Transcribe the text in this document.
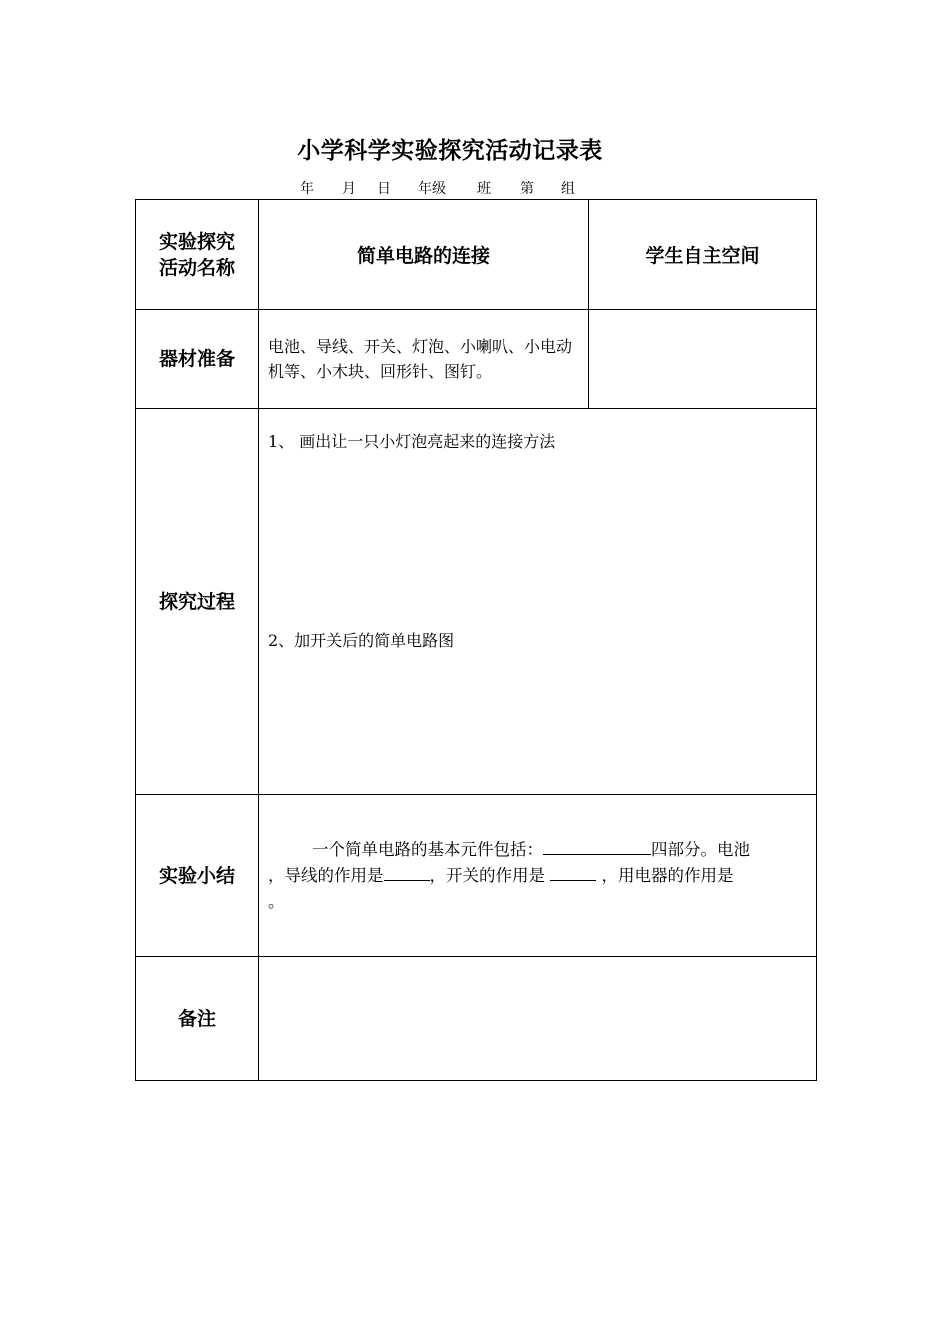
小学科学实验探究活动记录表
年 月 日 年级 班 第 组
实验探究
活动名称	简单电路的连接	学生自主空间
器材准备	电池、导线、开关、灯泡、小喇叭、小电动机等、小木块、回形针、图钉。	
探究过程	1、 画出让一只小灯泡亮起来的连接方法
2、加开关后的简单电路图	

实验小结	一个简单电路的基本元件包括： 四部分。电池
，导线的作用是 ，开关的作用是 ，用电器的作用是
。	
备注		
